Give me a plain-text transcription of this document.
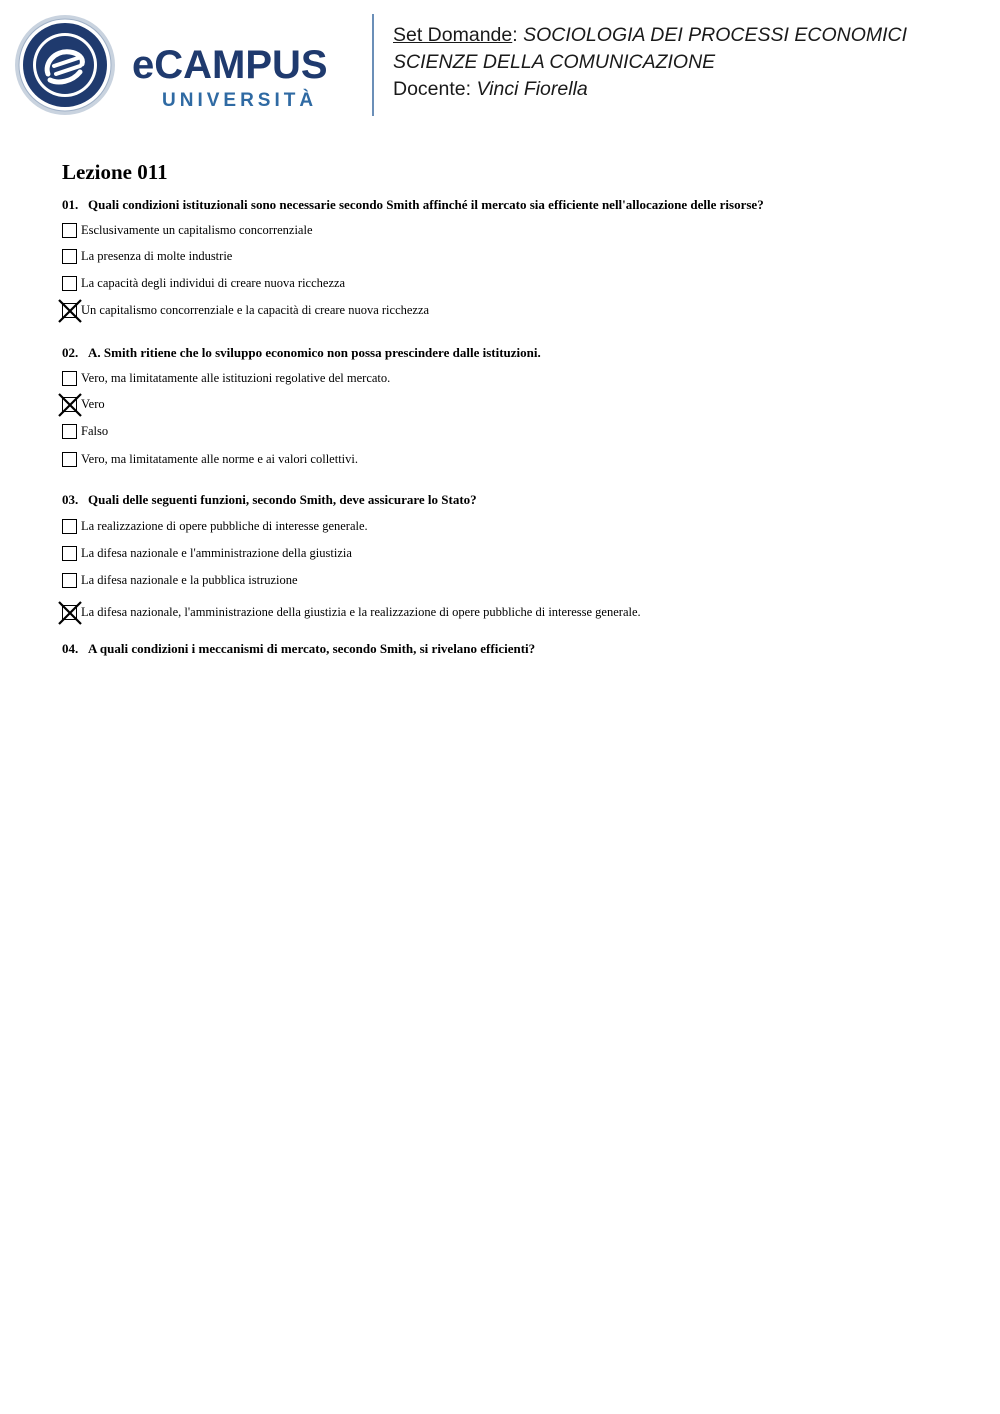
eCAMPUS
UNIVERSITÀ
Set Domande: SOCIOLOGIA DEI PROCESSI ECONOMICI
SCIENZE DELLA COMUNICAZIONE
Docente: Vinci Fiorella
Lezione 011
01. Quali condizioni istituzionali sono necessarie secondo Smith affinché il mercato sia efficiente nell'allocazione delle risorse?
Esclusivamente un capitalismo concorrenziale
La presenza di molte industrie
La capacità degli individui di creare nuova ricchezza
Un capitalismo concorrenziale e la capacità di creare nuova ricchezza
02. A. Smith ritiene che lo sviluppo economico non possa prescindere dalle istituzioni.
Vero, ma limitatamente alle istituzioni regolative del mercato.
Vero
Falso
Vero, ma limitatamente alle norme e ai valori collettivi.
03. Quali delle seguenti funzioni, secondo Smith, deve assicurare lo Stato?
La realizzazione di opere pubbliche di interesse generale.
La difesa nazionale e l'amministrazione della giustizia
La difesa nazionale e la pubblica istruzione
La difesa nazionale, l'amministrazione della giustizia e la realizzazione di opere pubbliche di interesse generale.
04. A quali condizioni i meccanismi di mercato, secondo Smith, si rivelano efficienti?
